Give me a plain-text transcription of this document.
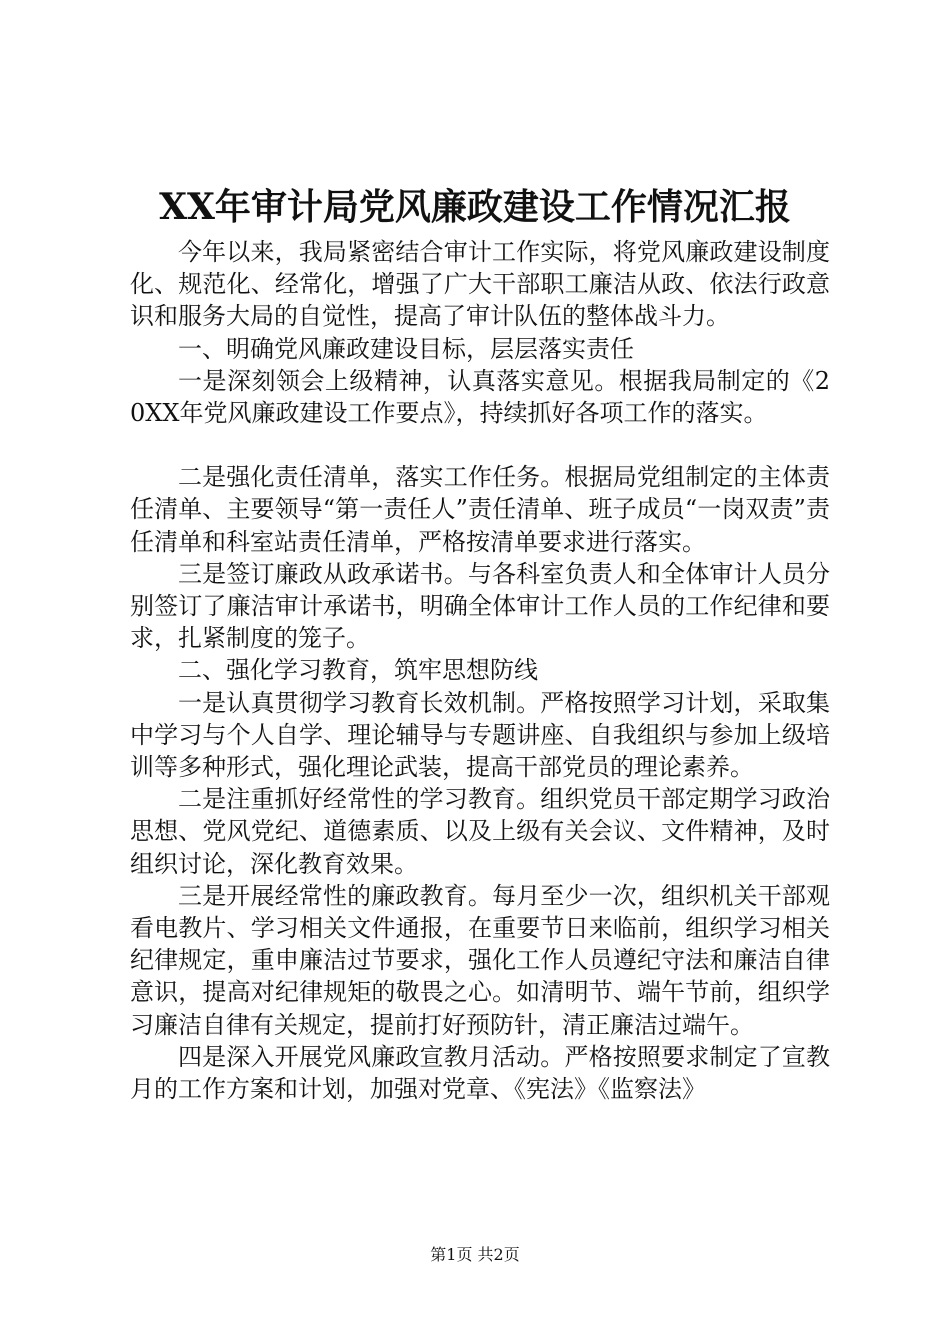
XX年审计局党风廉政建设工作情况汇报

今年以来，我局紧密结合审计工作实际，将党风廉政建设制度化、规范化、经常化，增强了广大干部职工廉洁从政、依法行政意识和服务大局的自觉性，提高了审计队伍的整体战斗力。

一、明确党风廉政建设目标，层层落实责任

一是深刻领会上级精神，认真落实意见。根据我局制定的《20XX年党风廉政建设工作要点》，持续抓好各项工作的落实。

二是强化责任清单，落实工作任务。根据局党组制定的主体责任清单、主要领导“第一责任人”责任清单、班子成员“一岗双责”责任清单和科室站责任清单，严格按清单要求进行落实。

三是签订廉政从政承诺书。与各科室负责人和全体审计人员分别签订了廉洁审计承诺书，明确全体审计工作人员的工作纪律和要求，扎紧制度的笼子。

二、强化学习教育，筑牢思想防线

一是认真贯彻学习教育长效机制。严格按照学习计划，采取集中学习与个人自学、理论辅导与专题讲座、自我组织与参加上级培训等多种形式，强化理论武装，提高干部党员的理论素养。

二是注重抓好经常性的学习教育。组织党员干部定期学习政治思想、党风党纪、道德素质、以及上级有关会议、文件精神，及时组织讨论，深化教育效果。

三是开展经常性的廉政教育。每月至少一次，组织机关干部观看电教片、学习相关文件通报，在重要节日来临前，组织学习相关纪律规定，重申廉洁过节要求，强化工作人员遵纪守法和廉洁自律意识，提高对纪律规矩的敬畏之心。如清明节、端午节前，组织学习廉洁自律有关规定，提前打好预防针，清正廉洁过端午。

四是深入开展党风廉政宣教月活动。严格按照要求制定了宣教月的工作方案和计划，加强对党章、《宪法》《监察法》

第1页 共2页
